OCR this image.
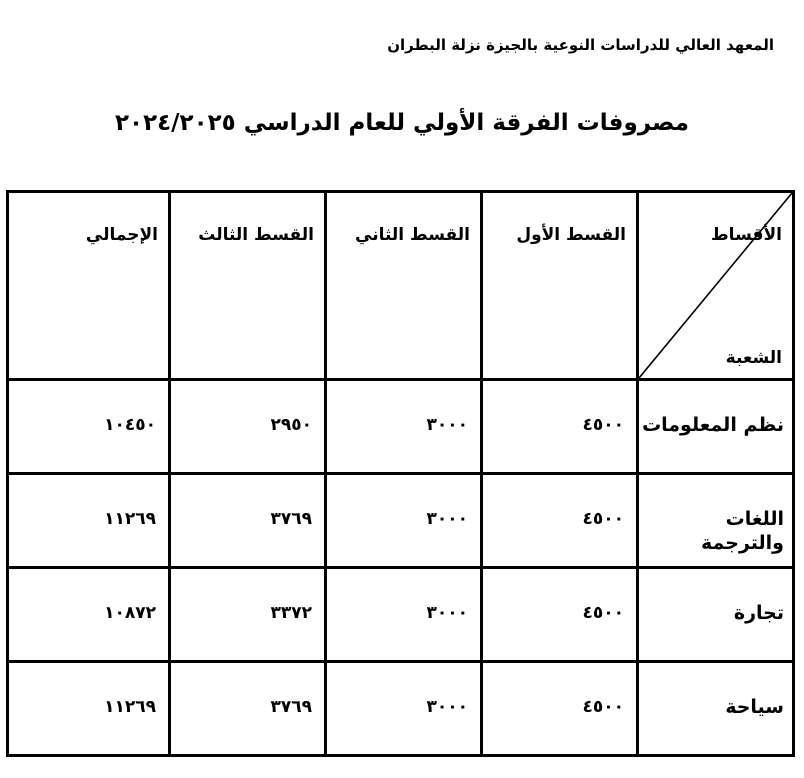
المعهد العالي للدراسات النوعية بالجيزة نزلة البطران
مصروفات الفرقة الأولي للعام الدراسي ٢٠٢٤/٢٠٢٥
الأقساط
الشعبة	القسط الأول	القسط الثاني	القسط الثالث	الإجمالي

نظم المعلومات	٤٥٠٠	٣٠٠٠	٢٩٥٠	١٠٤٥٠

اللغات والترجمة	٤٥٠٠	٣٠٠٠	٣٧٦٩	١١٢٦٩

تجارة	٤٥٠٠	٣٠٠٠	٣٣٧٢	١٠٨٧٢

سياحة	٤٥٠٠	٣٠٠٠	٣٧٦٩	١١٢٦٩
